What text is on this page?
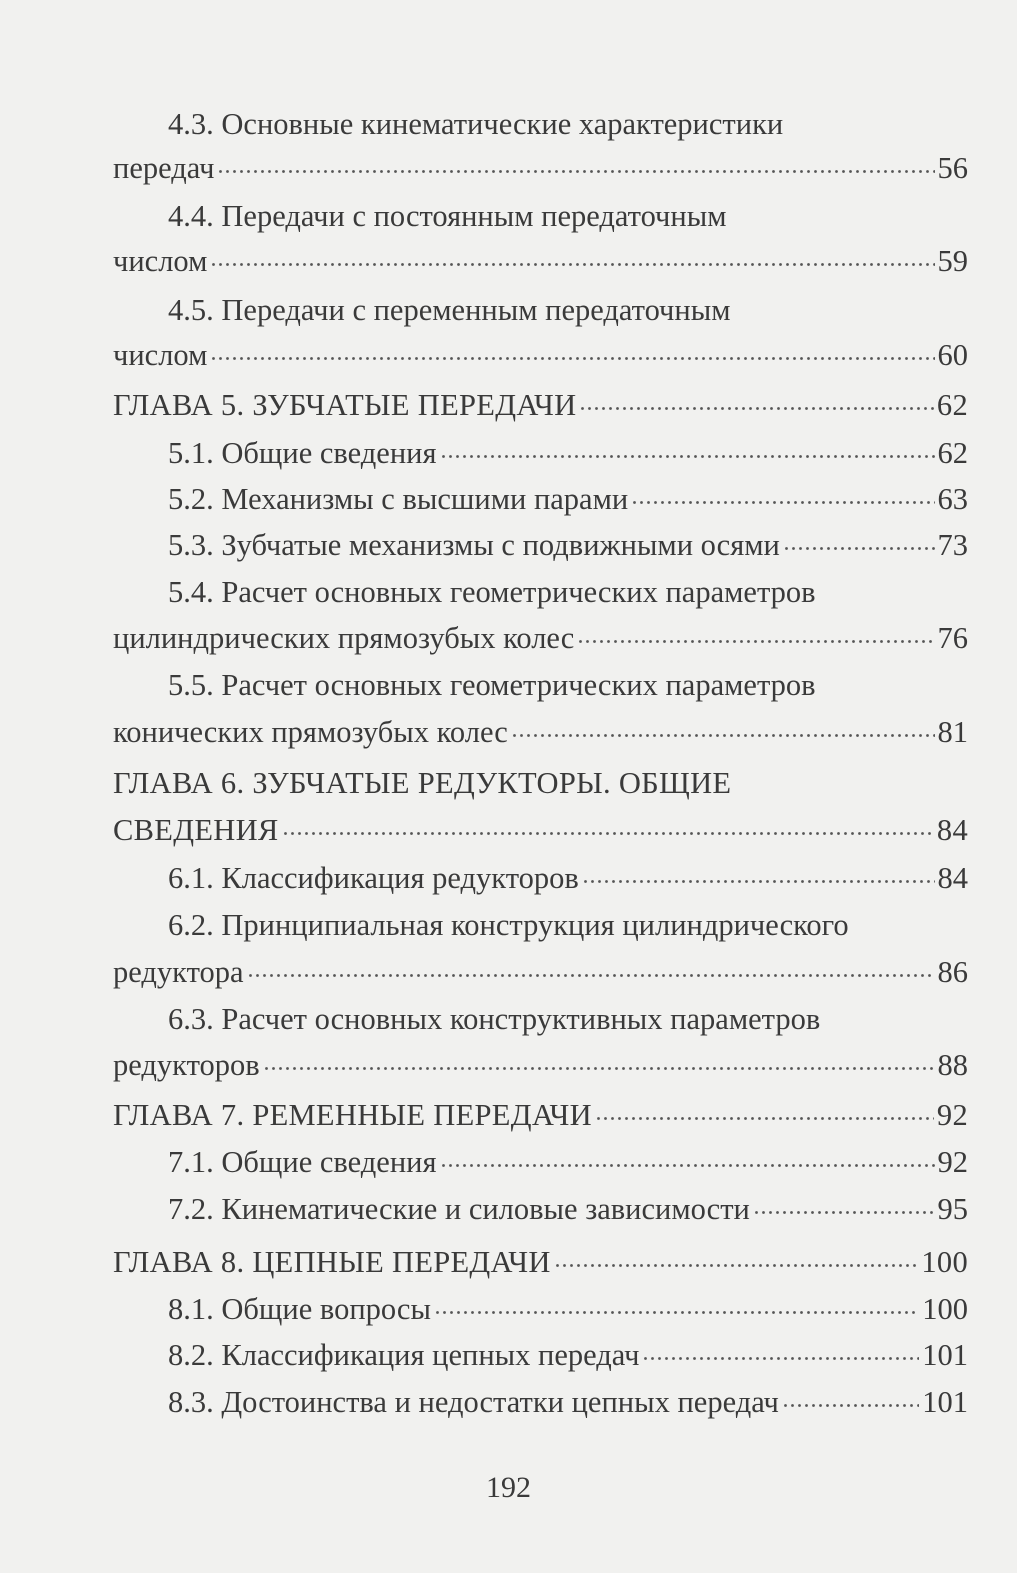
4.3. Основные кинематические характеристики
передач	56
4.4. Передачи с постоянным передаточным
числом	59
4.5. Передачи с переменным передаточным
числом	60
ГЛАВА 5. ЗУБЧАТЫЕ ПЕРЕДАЧИ	62
5.1. Общие сведения	62
5.2. Механизмы с высшими парами	63
5.3. Зубчатые механизмы с подвижными осями	73
5.4. Расчет основных геометрических параметров
цилиндрических прямозубых колес	76
5.5. Расчет основных геометрических параметров
конических прямозубых колес	81
ГЛАВА 6. ЗУБЧАТЫЕ РЕДУКТОРЫ. ОБЩИЕ
СВЕДЕНИЯ	84
6.1. Классификация редукторов	84
6.2. Принципиальная конструкция цилиндрического
редуктора	86
6.3. Расчет основных конструктивных параметров
редукторов	88
ГЛАВА 7. РЕМЕННЫЕ ПЕРЕДАЧИ	92
7.1. Общие сведения	92
7.2. Кинематические и силовые зависимости	95
ГЛАВА 8. ЦЕПНЫЕ ПЕРЕДАЧИ	100
8.1. Общие вопросы	100
8.2. Классификация цепных передач	101
8.3. Достоинства и недостатки цепных передач	101
192
